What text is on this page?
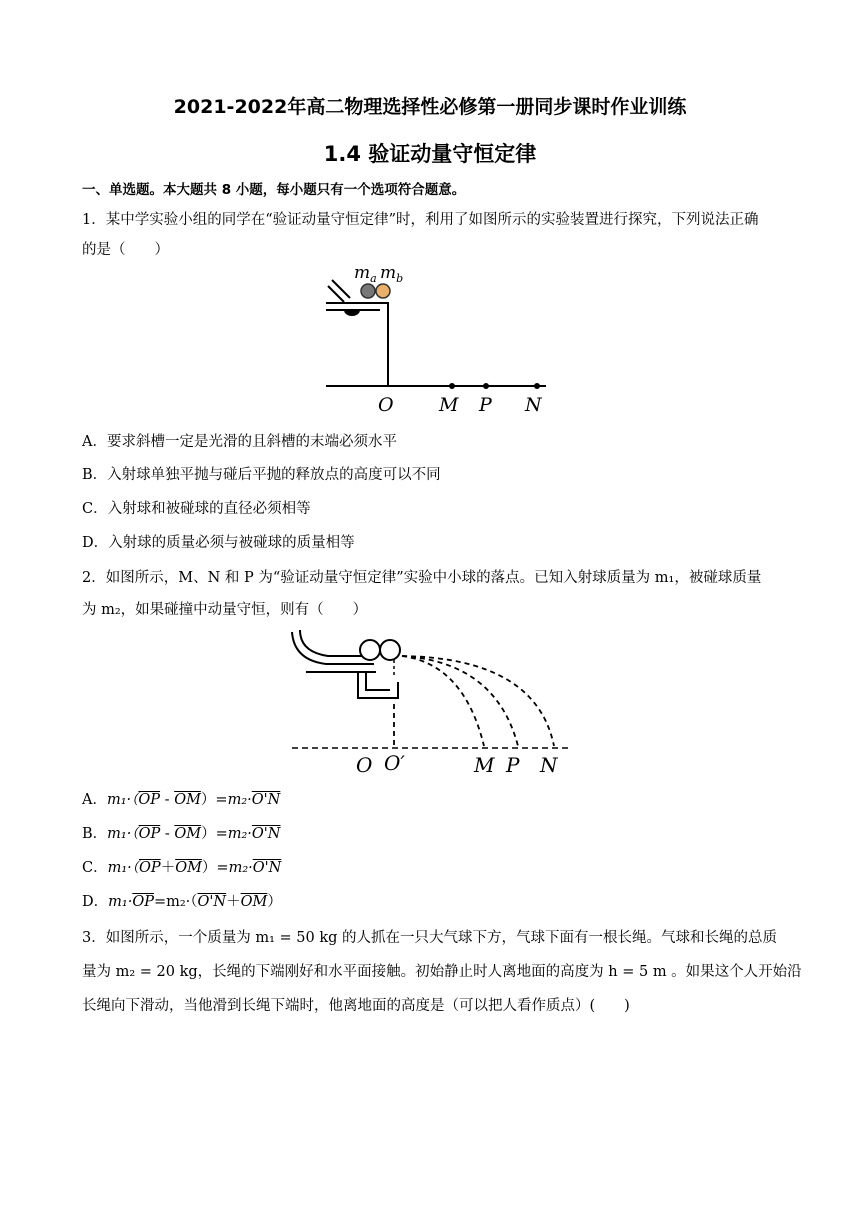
2021-2022年高二物理选择性必修第一册同步课时作业训练
1.4 验证动量守恒定律
一、单选题。本大题共 8 小题，每小题只有一个选项符合题意。
1．某中学实验小组的同学在“验证动量守恒定律”时，利用了如图所示的实验装置进行探究，下列说法正确
的是（　　）
$m_a$ $m_b$
O M P N
A．要求斜槽一定是光滑的且斜槽的末端必须水平
B．入射球单独平抛与碰后平抛的释放点的高度可以不同
C．入射球和被碰球的直径必须相等
D．入射球的质量必须与被碰球的质量相等
2．如图所示，M、N 和 P 为“验证动量守恒定律”实验中小球的落点。已知入射球质量为 m₁，被碰球质量
为 m₂，如果碰撞中动量守恒，则有（　　）
O O′	M P N
A．$m_1\cdot(\overline{OP} - \overline{OM})=m_2\cdot O'N$
B．$m_1\cdot(\overline{OP} - \overline{OM})=m_2\cdot O'N$
C．$m_1\cdot(\overline{OP}+\overline{OM})=m_2\cdot O'N$
D．$m_1\cdot\overline{OP}=m_2\cdot(O'N+\overline{OM})$
3．如图所示，一个质量为 m₁ = 50 kg 的人抓在一只大气球下方，气球下面有一根长绳。气球和长绳的总质
量为 m₂ = 20 kg，长绳的下端刚好和水平面接触。初始静止时人离地面的高度为 h = 5 m 。如果这个人开始沿
长绳向下滑动，当他滑到长绳下端时，他离地面的高度是（可以把人看作质点）(　　)
